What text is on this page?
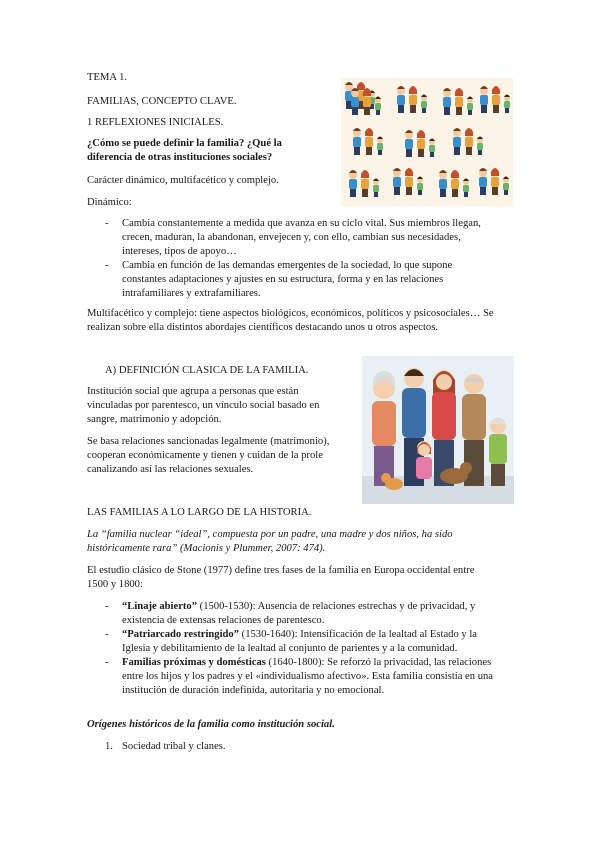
TEMA 1.
FAMILIAS, CONCEPTO CLAVE.
1 REFLEXIONES INICIALES.
¿Cómo se puede definir la familia? ¿Qué la
diferencia de otras instituciones sociales?
Carácter dinámico, multifacético y complejo.
Dinámico:
- Cambia constantemente a medida que avanza en su ciclo vital. Sus miembros llegan,
crecen, maduran, la abandonan, envejecen y, con ello, cambian sus necesidades,
intereses, tipos de apoyo…
- Cambia en función de las demandas emergentes de la sociedad, lo que supone
constantes adaptaciones y ajustes en su estructura, forma y en las relaciones
intrafamiliares y extrafamiliares.
Multifacético y complejo: tiene aspectos biológicos, económicos, políticos y psicosociales… Se
realizan sobre ella distintos abordajes científicos destacando unos u otros aspectos.
A) DEFINICIÓN CLASICA DE LA FAMILIA.
Institución social que agrupa a personas que están
vinculadas por parentesco, un vínculo social basado en
sangre, matrimonio y adopción.
Se basa relaciones sancionadas legalmente (matrimonio),
cooperan económicamente y tienen y cuidan de la prole
canalizando así las relaciones sexuales.
LAS FAMILIAS A LO LARGO DE LA HISTORIA.
La “familia nuclear “ideal”, compuesta por un padre, una madre y dos niños, ha sido
históricamente rara” (Macionis y Plummer, 2007: 474).
El estudio clásico de Stone (1977) define tres fases de la familia en Europa occidental entre
1500 y 1800:
- “Linaje abierto” (1500-1530): Ausencia de relaciones estrechas y de privacidad, y
existencia de extensas relaciones de parentesco.
- “Patriarcado restringido” (1530-1640): Intensificación de la lealtad al Estado y la
Iglesia y debilitamiento de la lealtad al conjunto de parientes y a la comunidad.
- Familias próximas y domésticas (1640-1800): Se reforzó la privacidad, las relaciones
entre los hijos y los padres y el «individualismo afectivo». Esta familia consistía en una
institución de duración indefinida, autoritaria y no emocional.
Orígenes históricos de la familia como institución social.
1. Sociedad tribal y clanes.
